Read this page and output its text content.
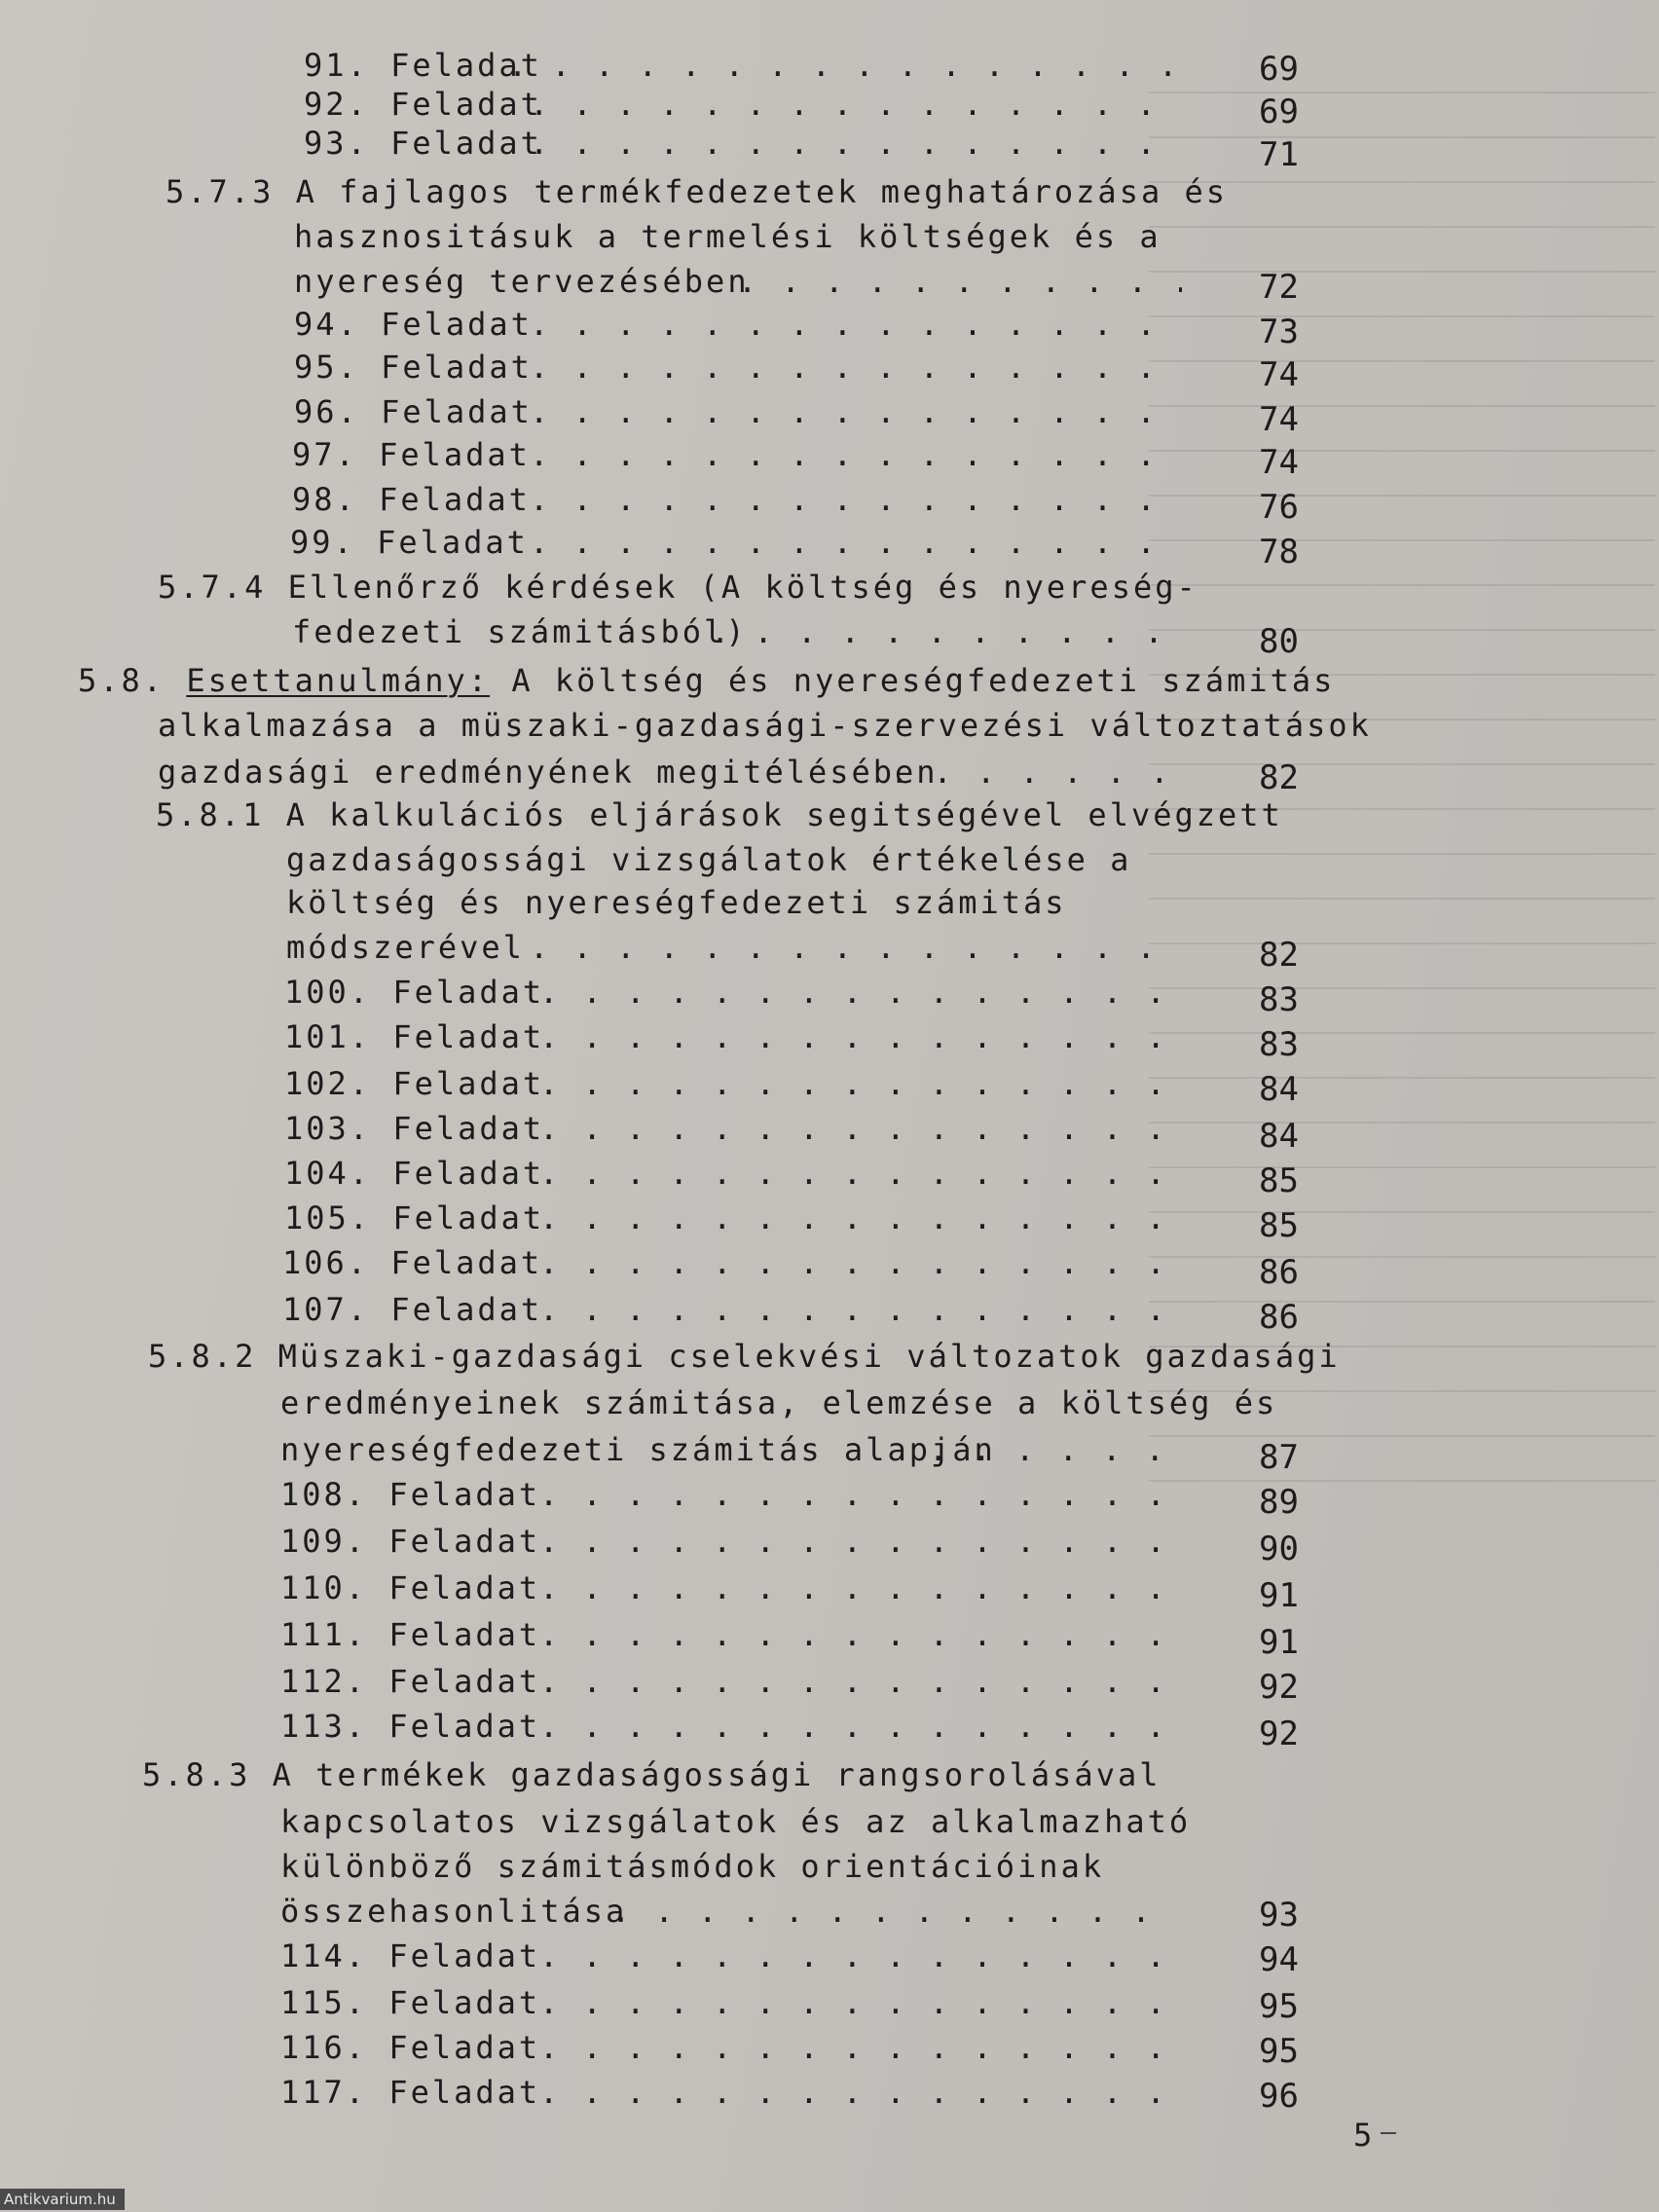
91. Feladat . . .	69
92. Feladat . . .	69
93. Feladat . . .	71
5.7.3 A fajlagos termékfedezetek meghatározása és
hasznositásuk a termelési költségek és a
nyereség tervezésében . . .	72
94. Feladat . . .	73
95. Feladat . . .	74
96. Feladat . . .	74
97. Feladat . . .	74
98. Feladat . . .	76
99. Feladat . . .	78
5.7.4 Ellenőrző kérdések (A költség és nyereség-
fedezeti számitásból) . . .	80
5.8. Esettanulmány: A költség és nyereségfedezeti számitás
alkalmazása a müszaki-gazdasági-szervezési változtatások
gazdasági eredményének megitélésében . . .	82
5.8.1 A kalkulációs eljárások segitségével elvégzett
gazdaságossági vizsgálatok értékelése a
költség és nyereségfedezeti számitás
módszerével . . .	82
100. Feladat . . .	83
101. Feladat . . .	83
102. Feladat . . .	84
103. Feladat . . .	84
104. Feladat . . .	85
105. Feladat . . .	85
106. Feladat . . .	86
107. Feladat . . .	86
5.8.2 Müszaki-gazdasági cselekvési változatok gazdasági
eredményeinek számitása, elemzése a költség és
nyereségfedezeti számitás alapján . . .	87
108. Feladat . . .	89
109. Feladat . . .	90
110. Feladat . . .	91
111. Feladat . . .	91
112. Feladat . . .	92
113. Feladat . . .	92
5.8.3 A termékek gazdaságossági rangsorolásával
kapcsolatos vizsgálatok és az alkalmazható
különböző számitásmódok orientációinak
összehasonlitása . . .	93
114. Feladat . . .	94
115. Feladat . . .	95
116. Feladat . . .	95
117. Feladat . . .	96
5
Antikvarium.hu
